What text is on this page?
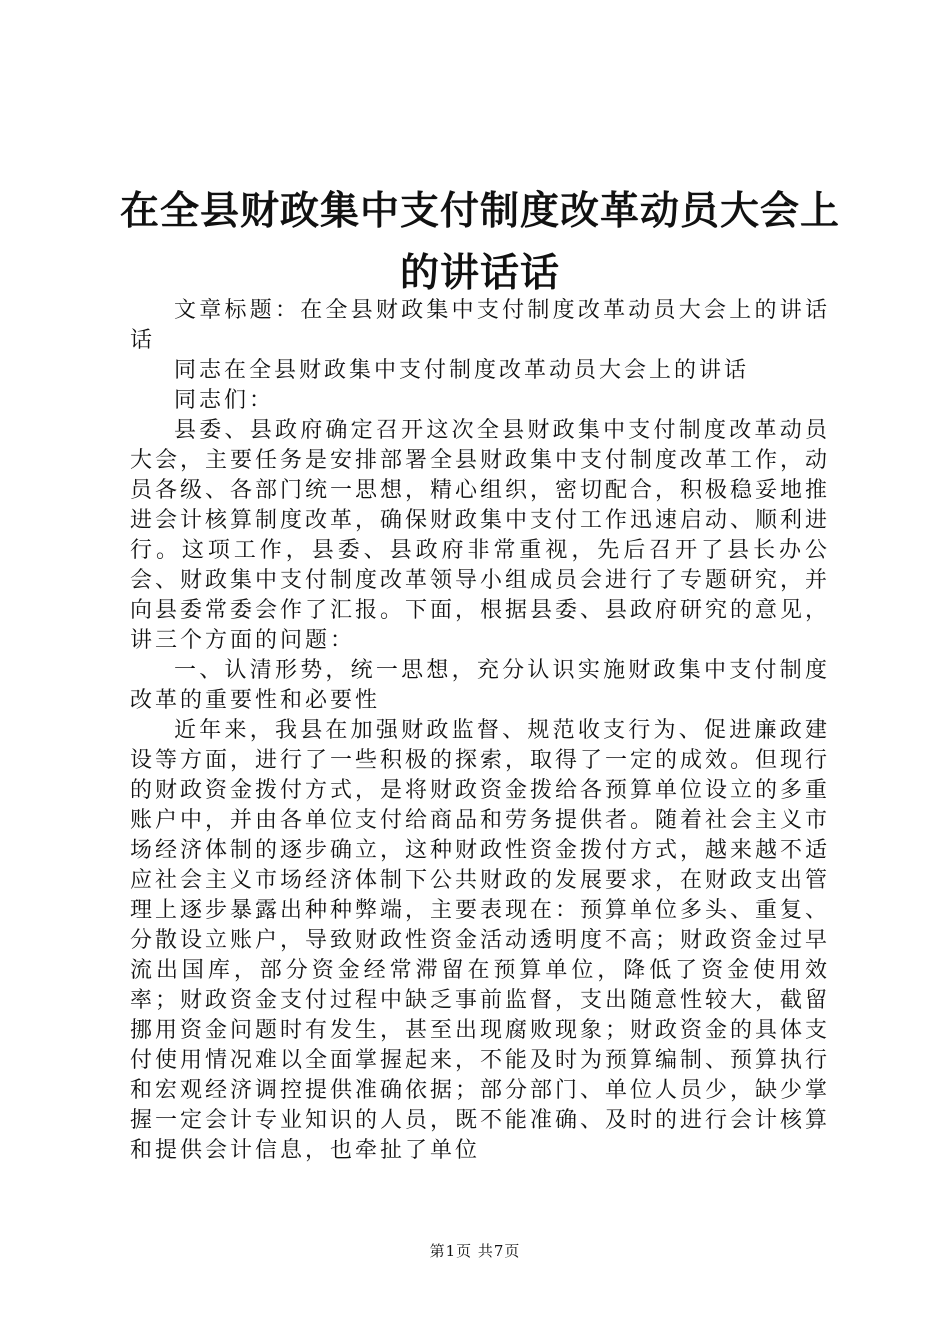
在全县财政集中支付制度改革动员大会上的讲话话

文章标题：在全县财政集中支付制度改革动员大会上的讲话话

同志在全县财政集中支付制度改革动员大会上的讲话

同志们：

县委、县政府确定召开这次全县财政集中支付制度改革动员大会，主要任务是安排部署全县财政集中支付制度改革工作，动员各级、各部门统一思想，精心组织，密切配合，积极稳妥地推进会计核算制度改革，确保财政集中支付工作迅速启动、顺利进行。这项工作，县委、县政府非常重视，先后召开了县长办公会、财政集中支付制度改革领导小组成员会进行了专题研究，并向县委常委会作了汇报。下面，根据县委、县政府研究的意见，讲三个方面的问题：

一、认清形势，统一思想，充分认识实施财政集中支付制度改革的重要性和必要性

近年来，我县在加强财政监督、规范收支行为、促进廉政建设等方面，进行了一些积极的探索，取得了一定的成效。但现行的财政资金拨付方式，是将财政资金拨给各预算单位设立的多重账户中，并由各单位支付给商品和劳务提供者。随着社会主义市场经济体制的逐步确立，这种财政性资金拨付方式，越来越不适应社会主义市场经济体制下公共财政的发展要求，在财政支出管理上逐步暴露出种种弊端，主要表现在：预算单位多头、重复、分散设立账户，导致财政性资金活动透明度不高；财政资金过早流出国库，部分资金经常滞留在预算单位，降低了资金使用效率；财政资金支付过程中缺乏事前监督，支出随意性较大，截留挪用资金问题时有发生，甚至出现腐败现象；财政资金的具体支付使用情况难以全面掌握起来，不能及时为预算编制、预算执行和宏观经济调控提供准确依据；部分部门、单位人员少，缺少掌握一定会计专业知识的人员，既不能准确、及时的进行会计核算和提供会计信息，也牵扯了单位

第1页 共7页
